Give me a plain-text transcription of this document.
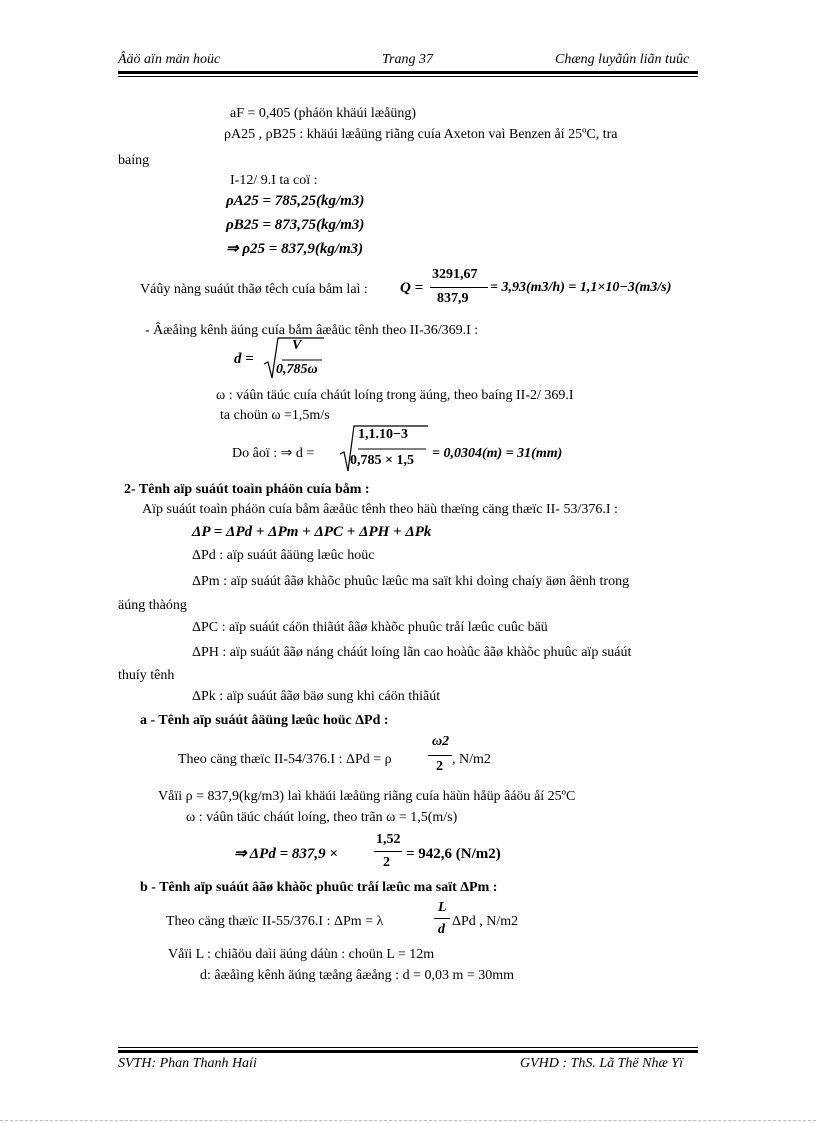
Âäö aïn män hoüc	Trang 37	Chæng luyãûn liãn tuûc
aF = 0,405 (pháön khäúi læåüng)
ρA25 , ρB25 : khäúi læåüng riãng cuía Axeton vaì Benzen åí 25ºC, tra
baíng
I-12/ 9.I ta coï :
ρA25 = 785,25(kg/m3)
ρB25 = 873,75(kg/m3)
⇒ ρ25 = 837,9(kg/m3)
Váûy nàng suáút thãø têch cuía båm laì : Q =
3291,67
837,9
= 3,93(m3/h) = 1,1×10−3(m3/s)
- Âæåìng kênh äúng cuía båm âæåüc tênh theo II-36/369.I :
d =
V
0,785ω
ω : váûn täúc cuía cháút loíng trong äúng, theo baíng II-2/ 369.I
ta choün ω =1,5m/s
Do âoï : ⇒ d =
1,1.10−3
0,785 × 1,5 = 0,0304(m) = 31(mm)
2- Tênh aïp suáút toaìn pháön cuía båm :
Aïp suáút toaìn pháön cuía båm âæåüc tênh theo häù thæïng cäng thæïc II- 53/376.I :
ΔP = ΔPd + ΔPm + ΔPC + ΔPH + ΔPk
ΔPd : aïp suáút âäüng læûc hoüc
ΔPm : aïp suáút âãø khàõc phuûc læûc ma saït khi doìng chaíy äøn âënh trong
äúng thàóng
ΔPC : aïp suáút cáön thiãút âãø khàõc phuûc tråí læûc cuûc bäü
ΔPH : aïp suáút âãø náng cháút loíng lãn cao hoàûc âãø khàõc phuûc aïp suáút
thuíy tênh
ΔPk : aïp suáút âãø bäø sung khi cáön thiãút
a - Tênh aïp suáút âäüng læûc hoüc ΔPd :
Theo cäng thæïc II-54/376.I : ΔPd = ρ
ω2
2 , N/m2
Våïi ρ = 837,9(kg/m3) laì khäúi læåüng riãng cuía häùn håüp âáöu åí 25ºC
ω : váûn täúc cháút loíng, theo trãn ω = 1,5(m/s)
⇒ ΔPd = 837,9 ×
1,52
2
= 942,6 (N/m2)
b - Tênh aïp suáút âãø khàõc phuûc tråí læûc ma saït ΔPm :
Theo cäng thæïc II-55/376.I : ΔPm = λ
L
d
ΔPd , N/m2
Våïi L : chiãöu daìi äúng dáùn : choün L = 12m
d: âæåìng kênh äúng tæång âæång : d = 0,03 m = 30mm
SVTH: Phan Thanh Haíi	GVHD : ThS. Lã Thë Nhæ Yï
